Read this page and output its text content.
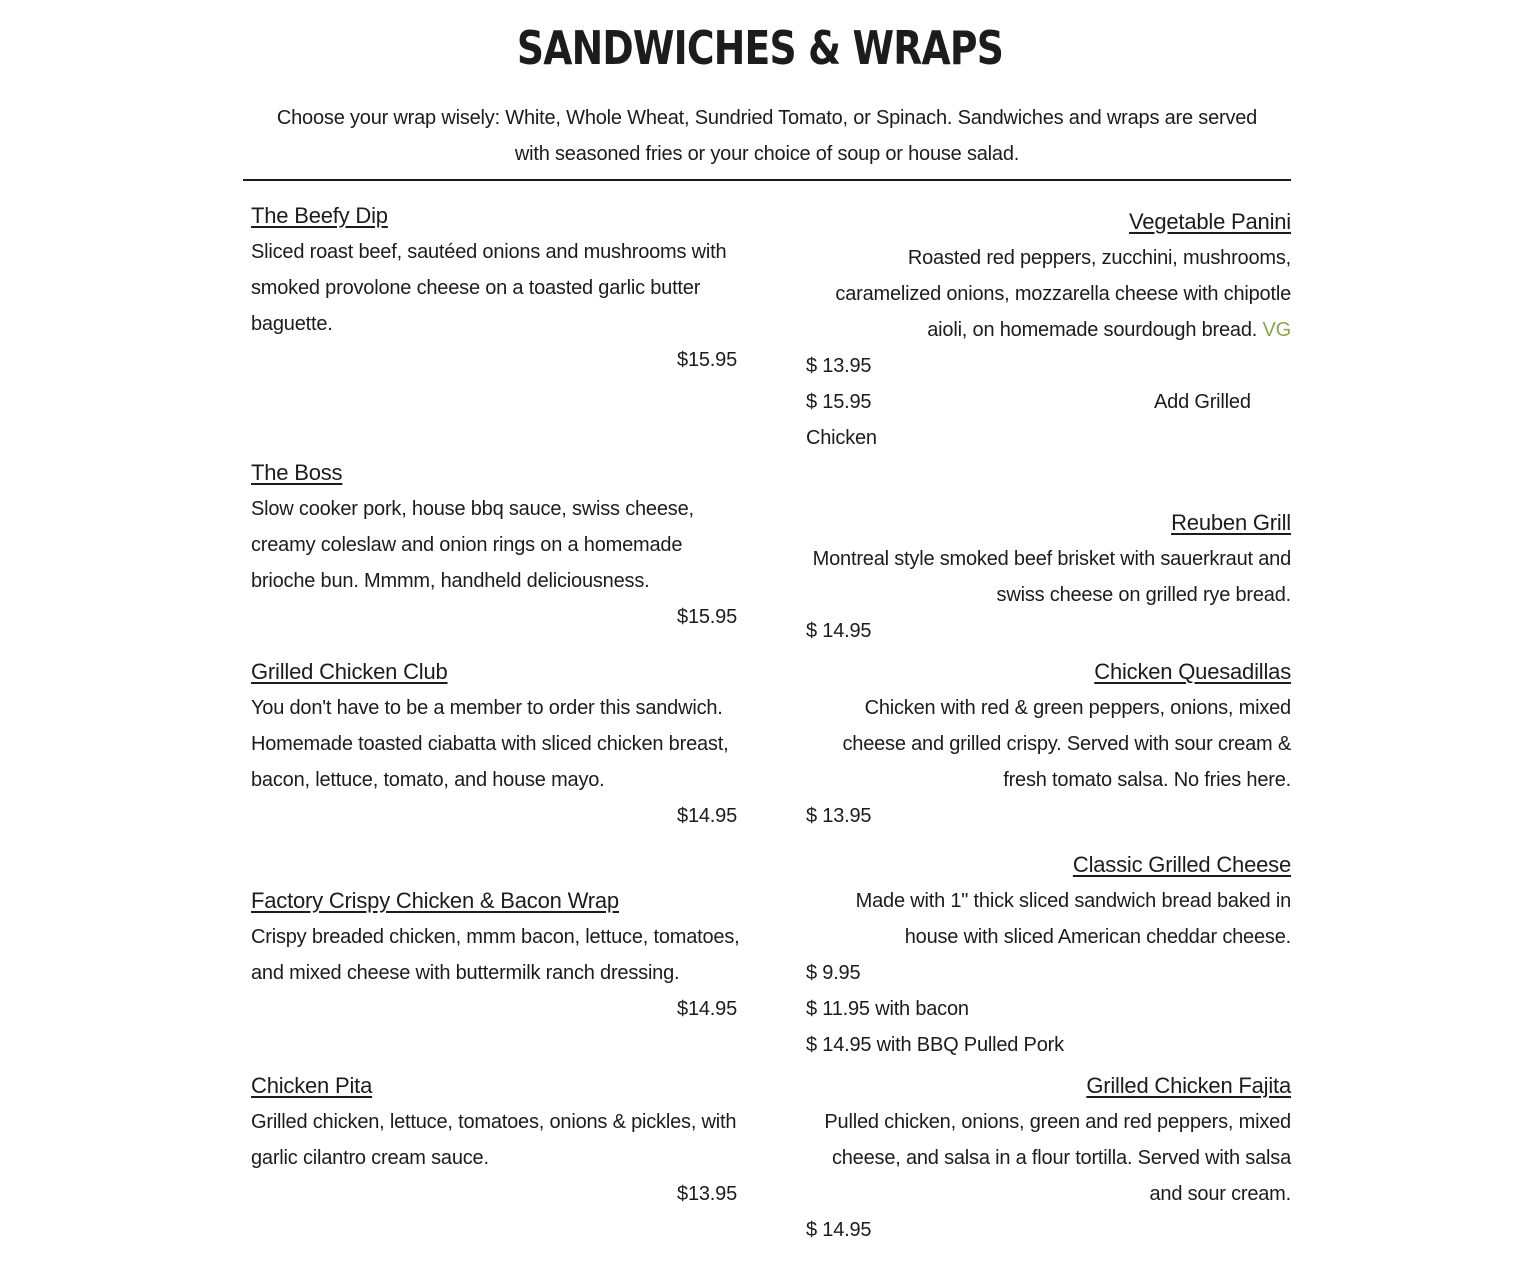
SANDWICHES & WRAPS

Choose your wrap wisely: White, Whole Wheat, Sundried Tomato, or Spinach. Sandwiches and wraps are served with seasoned fries or your choice of soup or house salad.

The Beefy Dip

Sliced roast beef, sautéed onions and mushrooms with smoked provolone cheese on a toasted garlic butter baguette.

$15.95

The Boss

Slow cooker pork, house bbq sauce, swiss cheese, creamy coleslaw and onion rings on a homemade brioche bun. Mmmm, handheld deliciousness.

$15.95

Grilled Chicken Club

You don't have to be a member to order this sandwich. Homemade toasted ciabatta with sliced chicken breast, bacon, lettuce, tomato, and house mayo.

$14.95

Factory Crispy Chicken & Bacon Wrap

Crispy breaded chicken, mmm bacon, lettuce, tomatoes, and mixed cheese with buttermilk ranch dressing.

$14.95

Chicken Pita

Grilled chicken, lettuce, tomatoes, onions & pickles, with garlic cilantro cream sauce.

$13.95

Vegetable Panini

Roasted red peppers, zucchini, mushrooms, caramelized onions, mozzarella cheese with chipotle aioli, on homemade sourdough bread. VG

$ 13.95

$ 15.95	Add Grilled

Chicken

Reuben Grill

Montreal style smoked beef brisket with sauerkraut and swiss cheese on grilled rye bread.

$ 14.95

Chicken Quesadillas

Chicken with red & green peppers, onions, mixed cheese and grilled crispy. Served with sour cream & fresh tomato salsa. No fries here.

$ 13.95

Classic Grilled Cheese

Made with 1" thick sliced sandwich bread baked in house with sliced American cheddar cheese.

$ 9.95

$ 11.95 with bacon

$ 14.95 with BBQ Pulled Pork

Grilled Chicken Fajita

Pulled chicken, onions, green and red peppers, mixed cheese, and salsa in a flour tortilla. Served with salsa and sour cream.

$ 14.95
